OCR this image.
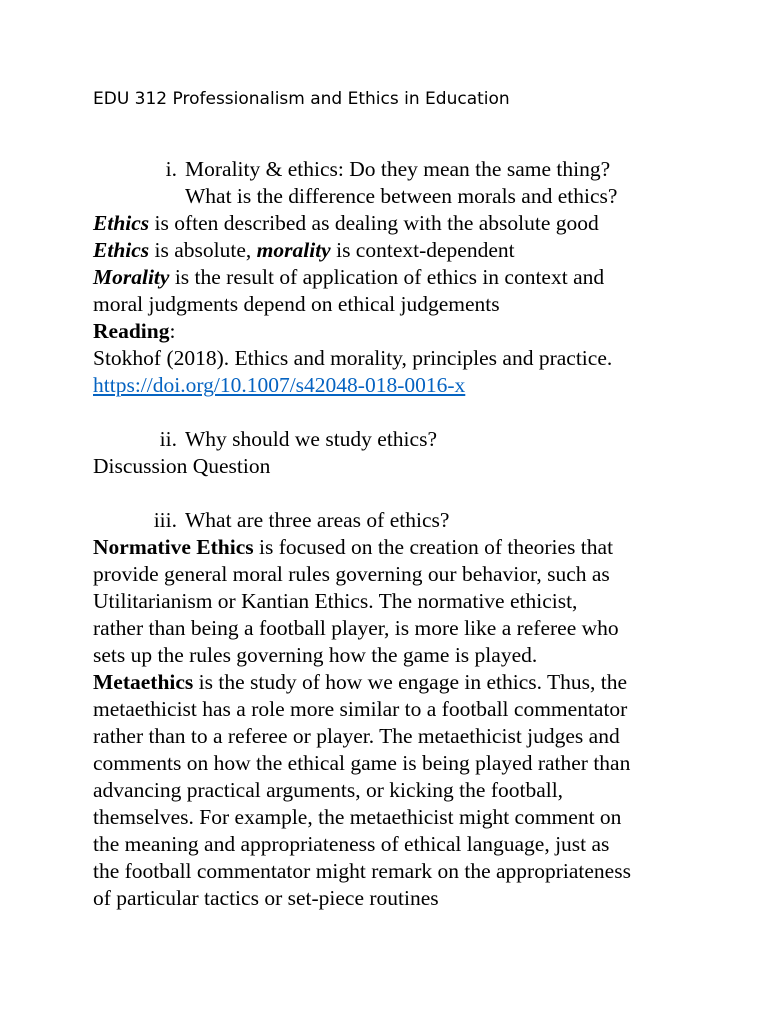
EDU 312 Professionalism and Ethics in Education
i. Morality & ethics: Do they mean the same thing?
What is the difference between morals and ethics?
Ethics is often described as dealing with the absolute good
Ethics is absolute, morality is context-dependent
Morality is the result of application of ethics in context and
moral judgments depend on ethical judgements
Reading:
Stokhof (2018). Ethics and morality, principles and practice.
https://doi.org/10.1007/s42048-018-0016-x
ii. Why should we study ethics?
Discussion Question
iii. What are three areas of ethics?
Normative Ethics is focused on the creation of theories that
provide general moral rules governing our behavior, such as
Utilitarianism or Kantian Ethics. The normative ethicist,
rather than being a football player, is more like a referee who
sets up the rules governing how the game is played.
Metaethics is the study of how we engage in ethics. Thus, the
metaethicist has a role more similar to a football commentator
rather than to a referee or player. The metaethicist judges and
comments on how the ethical game is being played rather than
advancing practical arguments, or kicking the football,
themselves. For example, the metaethicist might comment on
the meaning and appropriateness of ethical language, just as
the football commentator might remark on the appropriateness
of particular tactics or set-piece routines
